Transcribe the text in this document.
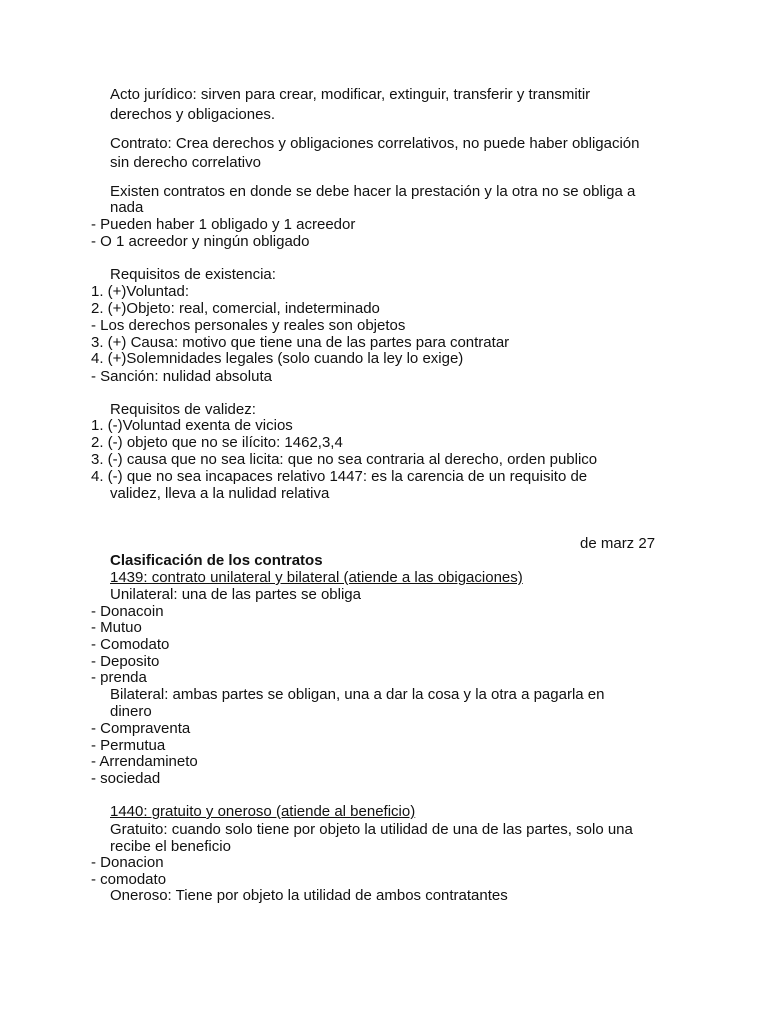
Acto jurídico: sirven para crear, modificar, extinguir, transferir y transmitir
derechos y obligaciones.
Contrato: Crea derechos y obligaciones correlativos, no puede haber obligación
sin derecho correlativo
Existen contratos en donde se debe hacer la prestación y la otra no se obliga a
nada
- Pueden haber 1 obligado y 1 acreedor
- O 1 acreedor y ningún obligado
Requisitos de existencia:
1. (+)Voluntad:
2. (+)Objeto: real, comercial, indeterminado
- Los derechos personales y reales son objetos
3. (+) Causa: motivo que tiene una de las partes para contratar
4. (+)Solemnidades legales (solo cuando la ley lo exige)
- Sanción: nulidad absoluta
Requisitos de validez:
1. (-)Voluntad exenta de vicios
2. (-) objeto que no se ilícito: 1462,3,4
3. (-) causa que no sea licita: que no sea contraria al derecho, orden publico
4. (-) que no sea incapaces relativo 1447: es la carencia de un requisito de
validez, lleva a la nulidad relativa
de marz 27
Clasificación de los contratos
1439: contrato unilateral y bilateral (atiende a las obigaciones)
Unilateral: una de las partes se obliga
- Donacoin
- Mutuo
- Comodato
- Deposito
- prenda
Bilateral: ambas partes se obligan, una a dar la cosa y la otra a pagarla en
dinero
- Compraventa
- Permutua
- Arrendamineto
- sociedad
1440: gratuito y oneroso (atiende al beneficio)
Gratuito: cuando solo tiene por objeto la utilidad de una de las partes, solo una
recibe el beneficio
- Donacion
- comodato
Oneroso: Tiene por objeto la utilidad de ambos contratantes
